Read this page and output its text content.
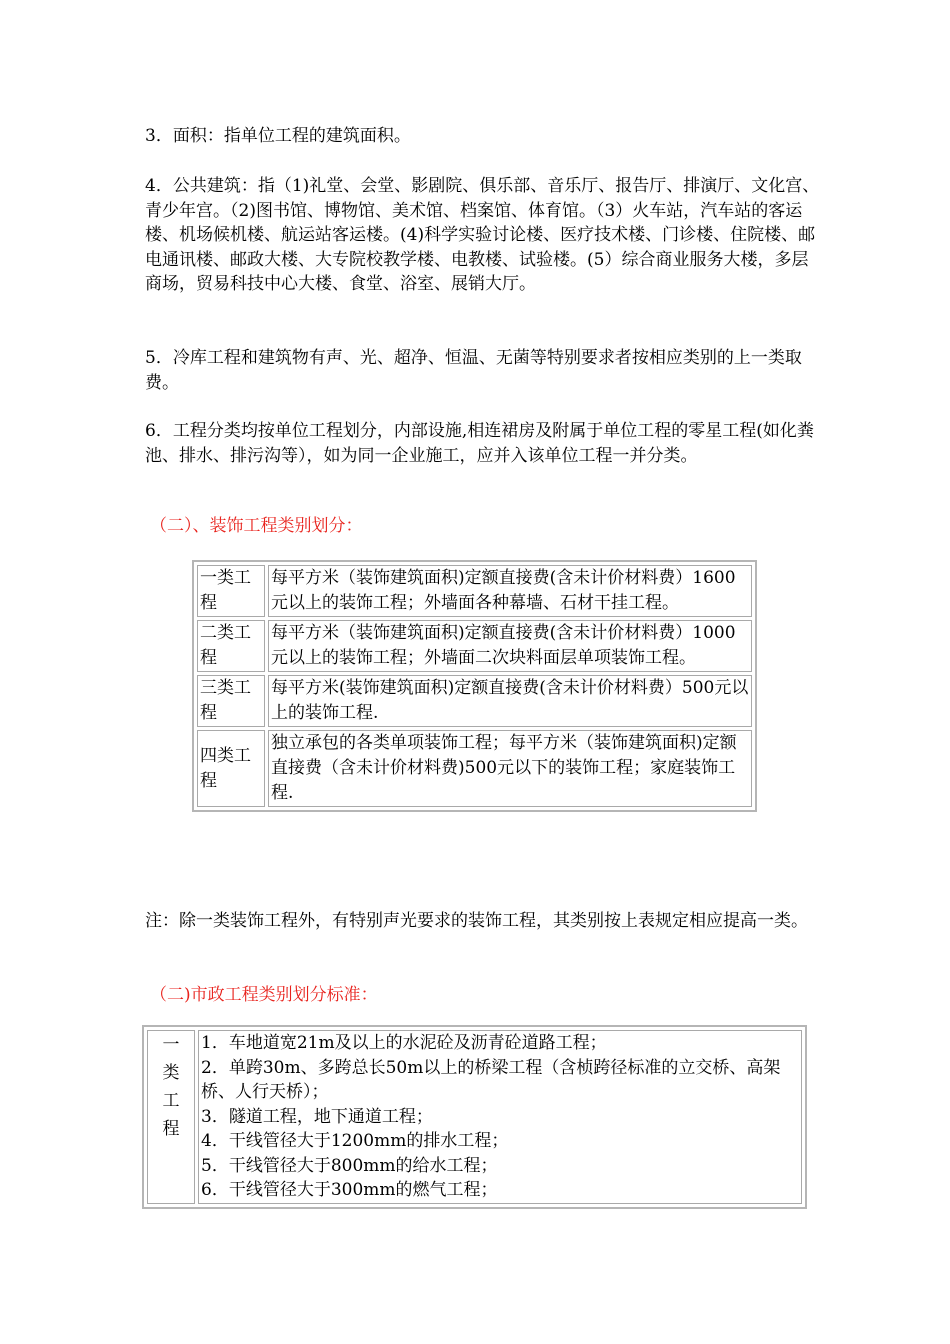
3．面积：指单位工程的建筑面积。

4．公共建筑：指（1)礼堂、会堂、影剧院、俱乐部、音乐厅、报告厅、排演厅、文化宫、青少年宫。（2)图书馆、博物馆、美术馆、档案馆、体育馆。（3）火车站，汽车站的客运楼、机场候机楼、航运站客运楼。(4)科学实验讨论楼、医疗技术楼、门诊楼、住院楼、邮电通讯楼、邮政大楼、大专院校教学楼、电教楼、试验楼。(5）综合商业服务大楼，多层商场，贸易科技中心大楼、食堂、浴室、展销大厅。

5．冷库工程和建筑物有声、光、超净、恒温、无菌等特别要求者按相应类别的上一类取费。

6．工程分类均按单位工程划分，内部设施,相连裙房及附属于单位工程的零星工程(如化粪池、排水、排污沟等），如为同一企业施工，应并入该单位工程一并分类。

（二）、装饰工程类别划分：

一类工程	每平方米（装饰建筑面积)定额直接费(含未计价材料费）1600元以上的装饰工程；外墙面各种幕墙、石材干挂工程。
二类工程	每平方米（装饰建筑面积)定额直接费(含未计价材料费）1000元以上的装饰工程；外墙面二次块料面层单项装饰工程。
三类工程	每平方米(装饰建筑面积)定额直接费(含未计价材料费）500元以上的装饰工程.
四类工程	独立承包的各类单项装饰工程；每平方米（装饰建筑面积)定额直接费（含未计价材料费)500元以下的装饰工程；家庭装饰工程.

注：除一类装饰工程外，有特别声光要求的装饰工程，其类别按上表规定相应提高一类。

（二)市政工程类别划分标准：

一
类
工
程

1．车地道宽21m及以上的水泥砼及沥青砼道路工程；
2．单跨30m、多跨总长50m以上的桥梁工程（含桢跨径标准的立交桥、高架桥、人行天桥）；
3．隧道工程，地下通道工程；
4．干线管径大于1200mm的排水工程；
5．干线管径大于800mm的给水工程；
6．干线管径大于300mm的燃气工程；
